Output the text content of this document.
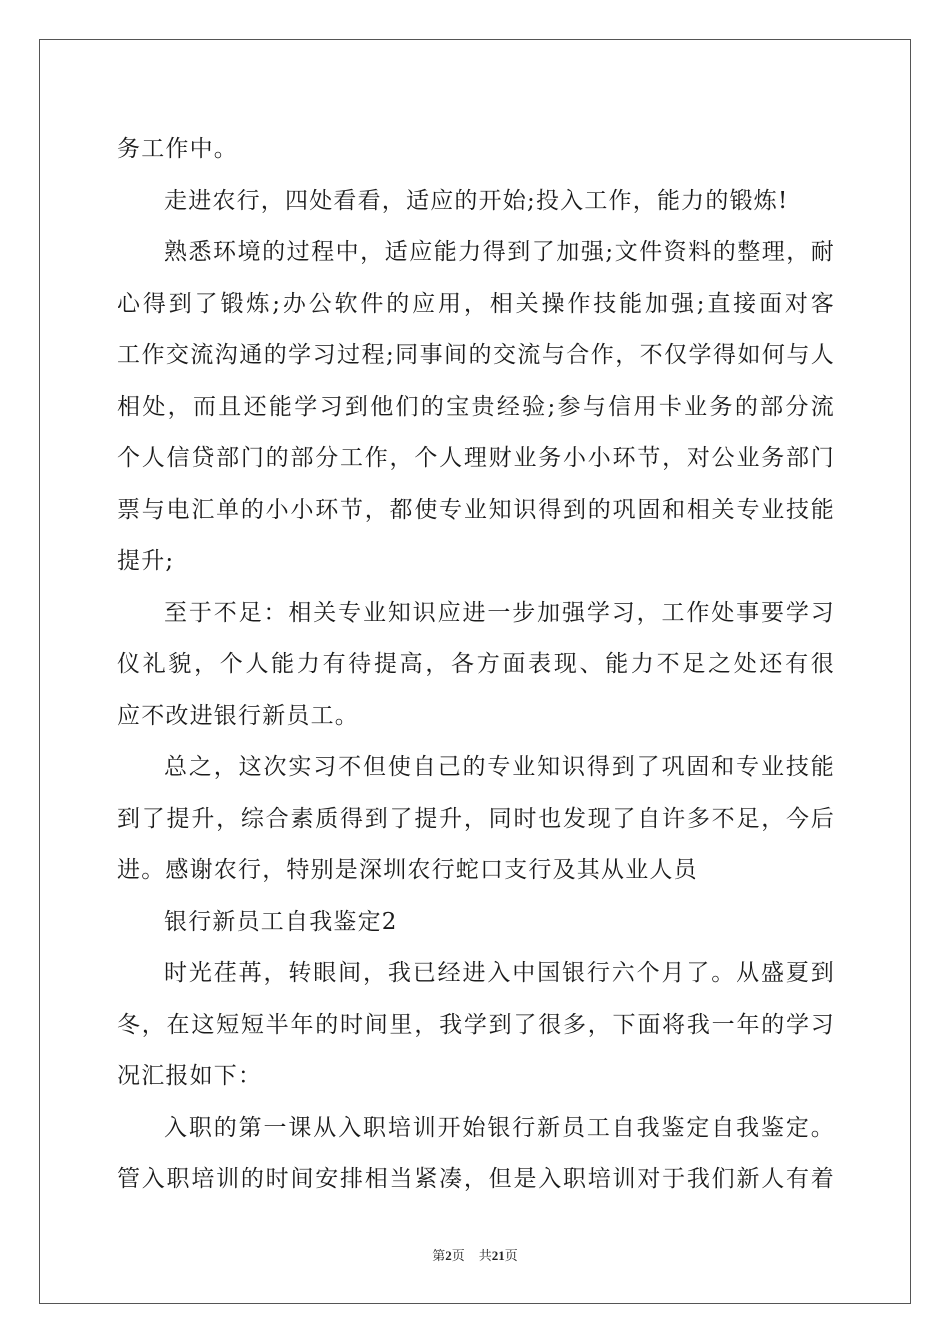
务工作中。
走进农行，四处看看，适应的开始;投入工作，能力的锻炼!
熟悉环境的过程中，适应能力得到了加强;文件资料的整理，耐
心得到了锻炼;办公软件的应用，相关操作技能加强;直接面对客
工作交流沟通的学习过程;同事间的交流与合作，不仅学得如何与人
相处，而且还能学习到他们的宝贵经验;参与信用卡业务的部分流
个人信贷部门的部分工作，个人理财业务小小环节，对公业务部门
票与电汇单的小小环节，都使专业知识得到的巩固和相关专业技能
提升;
至于不足：相关专业知识应进一步加强学习，工作处事要学习
仪礼貌，个人能力有待提高，各方面表现、能力不足之处还有很
应不改进银行新员工。
总之，这次实习不但使自己的专业知识得到了巩固和专业技能
到了提升，综合素质得到了提升，同时也发现了自许多不足，今后
进。感谢农行，特别是深圳农行蛇口支行及其从业人员
银行新员工自我鉴定2
时光荏苒，转眼间，我已经进入中国银行六个月了。从盛夏到
冬，在这短短半年的时间里，我学到了很多，下面将我一年的学习
况汇报如下：
入职的第一课从入职培训开始银行新员工自我鉴定自我鉴定。
管入职培训的时间安排相当紧凑，但是入职培训对于我们新人有着
第2页 共21页
